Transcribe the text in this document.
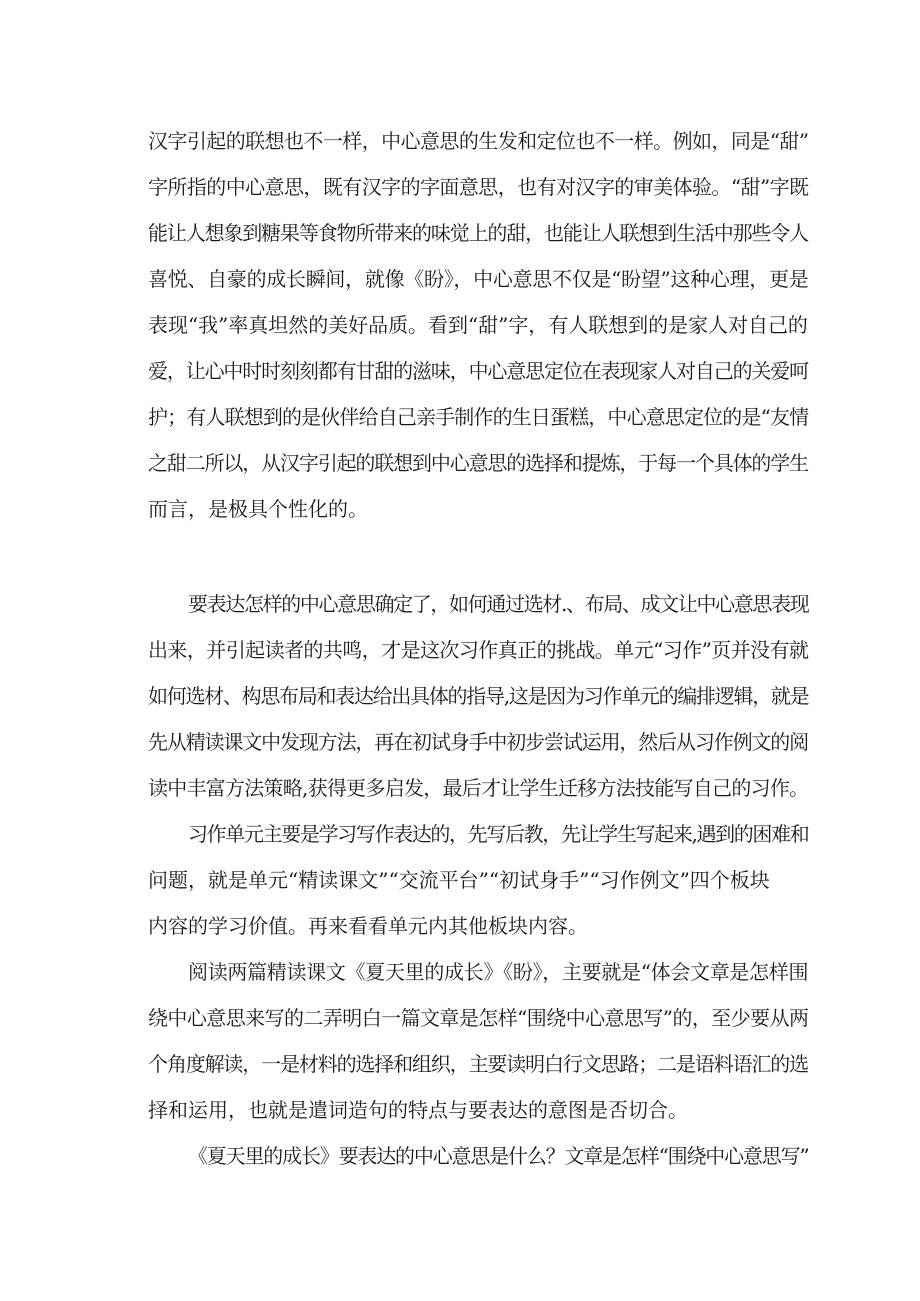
汉字引起的联想也不一样，中心意思的生发和定位也不一样。例如，同是“甜”
字所指的中心意思，既有汉字的字面意思，也有对汉字的审美体验。“甜”字既
能让人想象到糖果等食物所带来的味觉上的甜，也能让人联想到生活中那些令人
喜悦、自豪的成长瞬间，就像《盼》，中心意思不仅是“盼望”这种心理，更是
表现“我”率真坦然的美好品质。看到“甜”字，有人联想到的是家人对自己的
爱，让心中时时刻刻都有甘甜的滋味，中心意思定位在表现家人对自己的关爱呵
护；有人联想到的是伙伴给自己亲手制作的生日蛋糕，中心意思定位的是“友情
之甜二所以，从汉字引起的联想到中心意思的选择和提炼，于每一个具体的学生
而言，是极具个性化的。
要表达怎样的中心意思确定了，如何通过选材.、布局、成文让中心意思表现
出来，并引起读者的共鸣，才是这次习作真正的挑战。单元“习作”页并没有就
如何选材、构思布局和表达给出具体的指导,这是因为习作单元的编排逻辑，就是
先从精读课文中发现方法，再在初试身手中初步尝试运用，然后从习作例文的阅
读中丰富方法策略,获得更多启发，最后才让学生迁移方法技能写自己的习作。
习作单元主要是学习写作表达的，先写后教，先让学生写起来,遇到的困难和
问题，就是单元“精读课文”“交流平台”“初试身手”“习作例文”四个板块
内容的学习价值。再来看看单元内其他板块内容。
阅读两篇精读课文《夏天里的成长》《盼》，主要就是“体会文章是怎样围
绕中心意思来写的二弄明白一篇文章是怎样“围绕中心意思写”的，至少要从两
个角度解读，一是材料的选择和组织，主要读明白行文思路；二是语料语汇的选
择和运用，也就是遣词造句的特点与要表达的意图是否切合。
《夏天里的成长》要表达的中心意思是什么？文章是怎样“围绕中心意思写”
